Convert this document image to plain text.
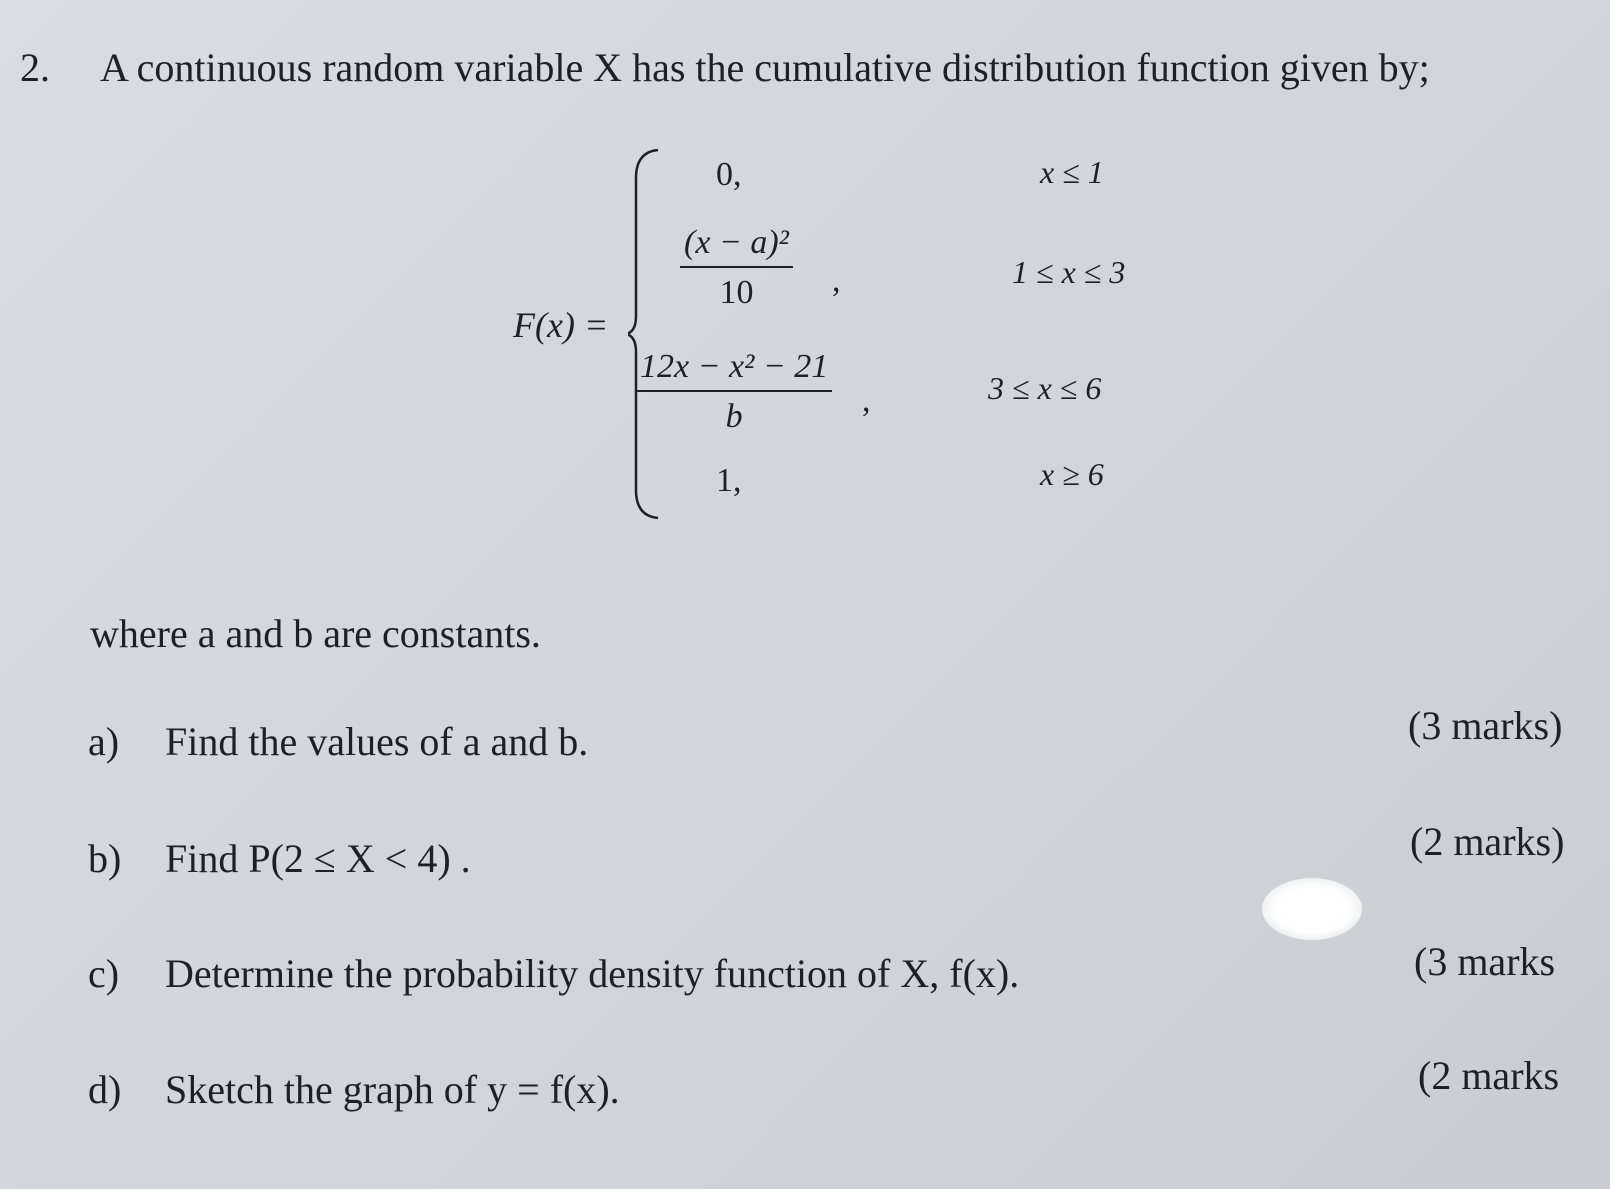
2. A continuous random variable X has the cumulative distribution function given by;
F(x) =
0,	x ≤ 1
(x − a)²
10 ,	1 ≤ x ≤ 3
12x − x² − 21
b	,	3 ≤ x ≤ 6
1,	x ≥ 6
where a and b are constants.
a) Find the values of a and b.	(3 marks)
b) Find P(2 ≤ X < 4) .	(2 marks)
c) Determine the probability density function of X, f(x).	(3 marks
d) Sketch the graph of y = f(x).	(2 marks
